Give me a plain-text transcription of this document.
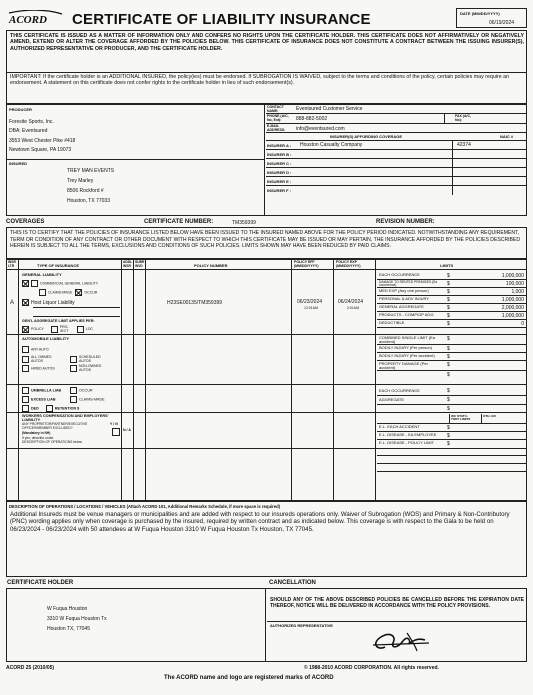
ACORD CERTIFICATE OF LIABILITY INSURANCE	DATE (MM/DD/YYYY)
06/19/2024
THIS CERTIFICATE IS ISSUED AS A MATTER OF INFORMATION ONLY AND CONFERS NO RIGHTS UPON THE CERTIFICATE HOLDER. THIS CERTIFICATE DOES NOT AFFIRMATIVELY OR NEGATIVELY AMEND, EXTEND OR ALTER THE COVERAGE AFFORDED BY THE POLICIES BELOW. THIS CERTIFICATE OF INSURANCE DOES NOT CONSTITUTE A CONTRACT BETWEEN THE ISSUING INSURER(S), AUTHORIZED REPRESENTATIVE OR PRODUCER, AND THE CERTIFICATE HOLDER.
IMPORTANT: If the certificate holder is an ADDITIONAL INSURED, the policy(ies) must be endorsed. If SUBROGATION IS WAIVED, subject to the terms and conditions of the policy, certain policies may require an endorsement. A statement on this certificate does not confer rights to the certificate holder in lieu of such endorsement(s).
PRODUCER
Foresite Sports, Inc.
DBA: Eventsured
3553 West Chester Pike #418
Newtown Square, PA 19073
INSURED
TREY MAN EVENTS
Trey Marley
8506 Rockford #
Houston, TX 77033
CONTACT NAME:	Eventsured Customer Service
PHONE (A/C, No, Ext):	888-882-5002	FAX (A/C, No):
E-MAIL ADDRESS:	info@eventsured.com
INSURER(S) AFFORDING COVERAGE	NAIC #
INSURER A : Houston Casualty Company	42374
INSURER B :
INSURER C :
INSURER D :
INSURER E :
INSURER F :
COVERAGES	CERTIFICATE NUMBER:	TM359399	REVISION NUMBER:
THIS IS TO CERTIFY THAT THE POLICIES OF INSURANCE LISTED BELOW HAVE BEEN ISSUED TO THE INSURED NAMED ABOVE FOR THE POLICY PERIOD INDICATED. NOTWITHSTANDING ANY REQUIREMENT, TERM OR CONDITION OF ANY CONTRACT OR OTHER DOCUMENT WITH RESPECT TO WHICH THIS CERTIFICATE MAY BE ISSUED OR MAY PERTAIN, THE INSURANCE AFFORDED BY THE POLICIES DESCRIBED HEREIN IS SUBJECT TO ALL THE TERMS, EXCLUSIONS AND CONDITIONS OF SUCH POLICIES. LIMITS SHOWN MAY HAVE BEEN REDUCED BY PAID CLAIMS.
INSR LTR	TYPE OF INSURANCE
ADDL INSR
SUBR WVD	POLICY NUMBER
POLICY EFF (MM/DD/YYYY)
POLICY EXP (MM/DD/YYYY)	LIMITS
GENERAL LIABILITY
COMMERCIAL GENERAL LIABILITY
CLAIMS-MADE	OCCUR
Host Liquor Liability
GEN'L AGGREGATE LIMIT APPLIES PER:
POLICY	PRO- JECT LOC
A	H23SE00135/TM359399	06/23/2024
12:01AM
06/24/2024
2:01AM
EACH OCCURRENCE	$	1,000,000
DAMAGE TO RENTED PREMISES (Ea occurrence)	$	100,000
MED EXP (Any one person)	$	1,000
PERSONAL & ADV INJURY	$	1,000,000
GENERAL AGGREGATE	$	2,000,000
PRODUCTS - COMP/OP AGG	$	1,000,000
DEDUCTIBLE	$	0
AUTOMOBILE LIABILITY
ANY AUTO
ALL OWNED AUTOS
SCHEDULED AUTOS
HIRED AUTOS
NON-OWNED AUTOS
COMBINED SINGLE LIMIT (Ea accident)	$
BODILY INJURY (Per person)	$
BODILY INJURY (Per accident)	$
PROPERTY DAMAGE (Per accident)	$
$
UMBRELLA LIAB	OCCUR
EXCESS LIAB	CLAIMS-MADE
DED	RETENTION $
EACH OCCURRENCE	$
AGGREGATE	$
$
WORKERS COMPENSATION AND EMPLOYERS' LIABILITY
Y / N
ANY PROPRIETOR/PARTNER/EXECUTIVE OFFICER/MEMBER EXCLUDED?
(Mandatory in NH)
If yes, describe under
DESCRIPTION OF OPERATIONS below
N / A
WC STATU- TORY LIMITS
OTH- ER
E.L. EACH ACCIDENT	$
E.L. DISEASE - EA EMPLOYEE	$
E.L. DISEASE - POLICY LIMIT	$
DESCRIPTION OF OPERATIONS / LOCATIONS / VEHICLES (Attach ACORD 101, Additional Remarks Schedule, if more space is required)
Additional Insureds must be venue managers or municipalities and are added with respect to our insureds operations only. Waiver of Subrogation (WOS) and Primary & Non-Contributory (PNC) wording applies only when coverage is purchased by the insured, required by written contract and as indicated below. This coverage is with respect to the Gala to be held on 06/23/2024 - 06/23/2024 with 50 attendees at W Fuqua Houston 3310 W Fuqua Houston Tx Houston, TX 77045.
CERTIFICATE HOLDER	CANCELLATION
W Fuqua Houston
3310 W Fuqua Houston Tx
Houston TX, 77045
SHOULD ANY OF THE ABOVE DESCRIBED POLICIES BE CANCELLED BEFORE THE EXPIRATION DATE THEREOF, NOTICE WILL BE DELIVERED IN ACCORDANCE WITH THE POLICY PROVISIONS.
AUTHORIZED REPRESENTATIVE
ACORD 25 (2010/05)	© 1988-2010 ACORD CORPORATION. All rights reserved.
The ACORD name and logo are registered marks of ACORD
